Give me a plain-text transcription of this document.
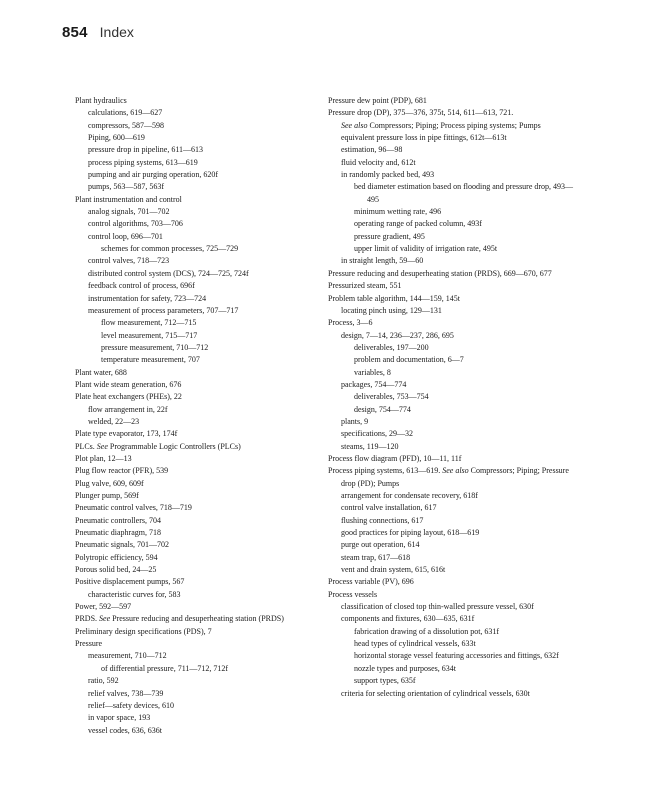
854 Index
Plant hydraulics
calculations, 619—627
compressors, 587—598
Piping, 600—619
pressure drop in pipeline, 611—613
process piping systems, 613—619
pumping and air purging operation, 620f
pumps, 563—587, 563f
Plant instrumentation and control
analog signals, 701—702
control algorithms, 703—706
control loop, 696—701
schemes for common processes, 725—729
control valves, 718—723
distributed control system (DCS), 724—725, 724f
feedback control of process, 696f
instrumentation for safety, 723—724
measurement of process parameters, 707—717
flow measurement, 712—715
level measurement, 715—717
pressure measurement, 710—712
temperature measurement, 707
Plant water, 688
Plant wide steam generation, 676
Plate heat exchangers (PHEs), 22
flow arrangement in, 22f
welded, 22—23
Plate type evaporator, 173, 174f
PLCs. See Programmable Logic Controllers (PLCs)
Plot plan, 12—13
Plug flow reactor (PFR), 539
Plug valve, 609, 609f
Plunger pump, 569f
Pneumatic control valves, 718—719
Pneumatic controllers, 704
Pneumatic diaphragm, 718
Pneumatic signals, 701—702
Polytropic efficiency, 594
Porous solid bed, 24—25
Positive displacement pumps, 567
characteristic curves for, 583
Power, 592—597
PRDS. See Pressure reducing and desuperheating station (PRDS)
Preliminary design specifications (PDS), 7
Pressure
measurement, 710—712
of differential pressure, 711—712, 712f
ratio, 592
relief valves, 738—739
relief—safety devices, 610
in vapor space, 193
vessel codes, 636, 636t
Pressure dew point (PDP), 681
Pressure drop (DP), 375—376, 375t, 514, 611—613, 721.
See also Compressors; Piping; Process piping systems; Pumps
equivalent pressure loss in pipe fittings, 612t—613t
estimation, 96—98
fluid velocity and, 612t
in randomly packed bed, 493
bed diameter estimation based on flooding and pressure drop, 493—495
minimum wetting rate, 496
operating range of packed column, 493f
pressure gradient, 495
upper limit of validity of irrigation rate, 495t
in straight length, 59—60
Pressure reducing and desuperheating station (PRDS), 669—670, 677
Pressurized steam, 551
Problem table algorithm, 144—159, 145t
locating pinch using, 129—131
Process, 3—6
design, 7—14, 236—237, 286, 695
deliverables, 197—200
problem and documentation, 6—7
variables, 8
packages, 754—774
deliverables, 753—754
design, 754—774
plants, 9
specifications, 29—32
steams, 119—120
Process flow diagram (PFD), 10—11, 11f
Process piping systems, 613—619. See also Compressors; Piping; Pressure drop (PD); Pumps
arrangement for condensate recovery, 618f
control valve installation, 617
flushing connections, 617
good practices for piping layout, 618—619
purge out operation, 614
steam trap, 617—618
vent and drain system, 615, 616t
Process variable (PV), 696
Process vessels
classification of closed top thin-walled pressure vessel, 630f
components and fixtures, 630—635, 631f
fabrication drawing of a dissolution pot, 631f
head types of cylindrical vessels, 633t
horizontal storage vessel featuring accessories and fittings, 632f
nozzle types and purposes, 634t
support types, 635f
criteria for selecting orientation of cylindrical vessels, 630t
